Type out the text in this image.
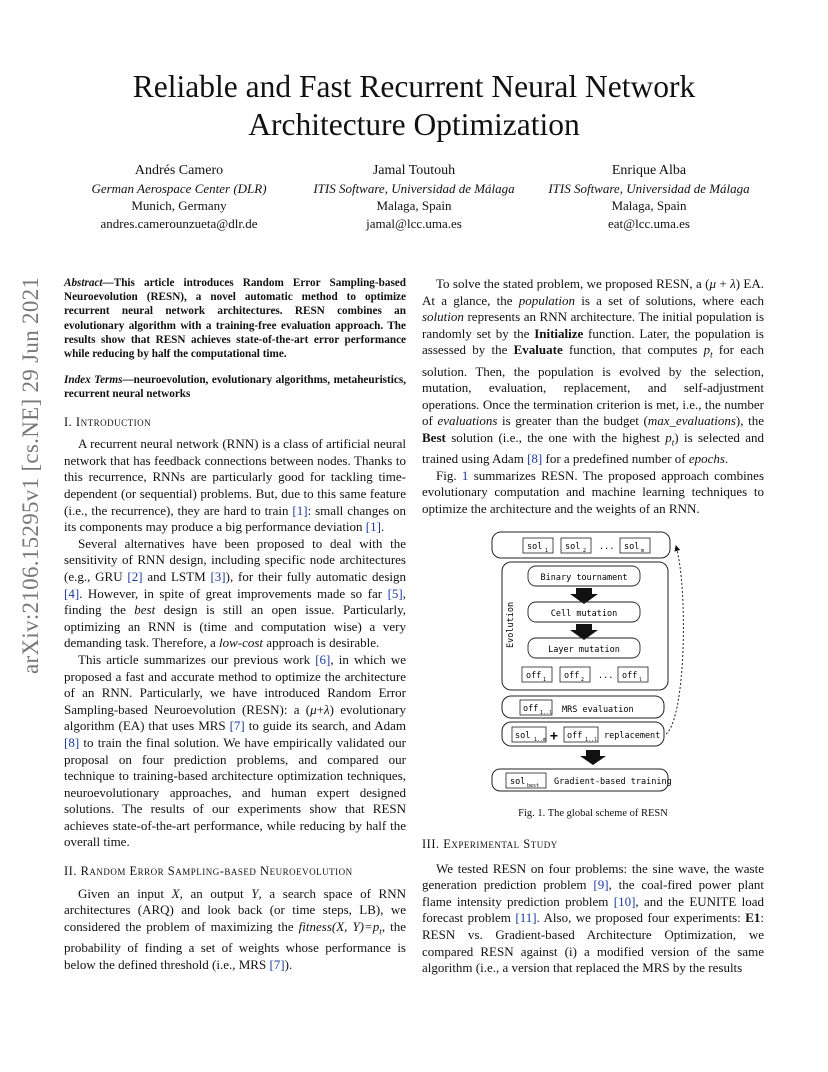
Reliable and Fast Recurrent Neural Network
Architecture Optimization
Andrés Camero
German Aerospace Center (DLR)
Munich, Germany
andres.camerounzueta@dlr.de
Jamal Toutouh
ITIS Software, Universidad de Málaga
Malaga, Spain
jamal@lcc.uma.es
Enrique Alba
ITIS Software, Universidad de Málaga
Malaga, Spain
eat@lcc.uma.es
arXiv:2106.15295v1 [cs.NE] 29 Jun 2021 Abstract—This article introduces Random Error Sampling-based Neuroevolution (RESN), a novel automatic method to optimize recurrent neural network architectures. RESN combines an evolutionary algorithm with a training-free evaluation approach. The results show that RESN achieves state-of-the-art error performance while reducing by half the computational time.

Index Terms—neuroevolution, evolutionary algorithms, metaheuristics, recurrent neural networks

I. Introduction

A recurrent neural network (RNN) is a class of artificial neural network that has feedback connections between nodes. Thanks to this recurrence, RNNs are particularly good for tackling time-dependent (or sequential) problems. But, due to this same feature (i.e., the recurrence), they are hard to train [1]: small changes on its components may produce a big performance deviation [1].

Several alternatives have been proposed to deal with the sensitivity of RNN design, including specific node architectures (e.g., GRU [2] and LSTM [3]), for their fully automatic design [4]. However, in spite of great improvements made so far [5], finding the best design is still an open issue. Particularly, optimizing an RNN is (time and computation wise) a very demanding task. Therefore, a low-cost approach is desirable.

This article summarizes our previous work [6], in which we proposed a fast and accurate method to optimize the architecture of an RNN. Particularly, we have introduced Random Error Sampling-based Neuroevolution (RESN): a (μ+λ) evolutionary algorithm (EA) that uses MRS [7] to guide its search, and Adam [8] to train the final solution. We have empirically validated our proposal on four prediction problems, and compared our technique to training-based architecture optimization techniques, neuroevolutionary approaches, and human expert designed solutions. The results of our experiments show that RESN achieves state-of-the-art performance, while reducing by half the overall time.

II. Random Error Sampling-based Neuroevolution

Given an input X, an output Y, a search space of RNN architectures (ARQ) and look back (or time steps, LB), we considered the problem of maximizing the fitness(X, $Y)=p_t$, the probability of finding a set of weights whose performance is below the defined threshold (i.e., MRS [7]).

To solve the stated problem, we proposed RESN, a (μ + λ) EA. At a glance, the population is a set of solutions, where each solution represents an RNN architecture. The initial population is randomly set by the Initialize function. Later, the population is assessed by the Evaluate function, that computes $p_t$ for each solution. Then, the population is evolved by the selection, mutation, evaluation, replacement, and self-adjustment operations. Once the termination criterion is met, i.e., the number of evaluations is greater than the budget (max_evaluations), the Best solution (i.e., the one with the highest $p_t$) is selected and trained using Adam [8] for a predefined number of epochs.

Fig. 1 summarizes RESN. The proposed approach combines evolutionary computation and machine learning techniques to optimize the architecture and the weights of an RNN.

sol 1 sol 2 ... sol m
Evolution
Binary tournament
Cell mutation
Layer mutation
off 1 off 2 ... off l
off 1..l MRS evaluation
sol 1..m + off 1..l replacement
sol best Gradient-based training
Fig. 1. The global scheme of RESN

III. Experimental Study

We tested RESN on four problems: the sine wave, the waste generation prediction problem [9], the coal-fired power plant flame intensity prediction problem [10], and the EUNITE load forecast problem [11]. Also, we proposed four experiments: E1: RESN vs. Gradient-based Architecture Optimization, we compared RESN against (i) a modified version of the same algorithm (i.e., a version that replaced the MRS by the results
